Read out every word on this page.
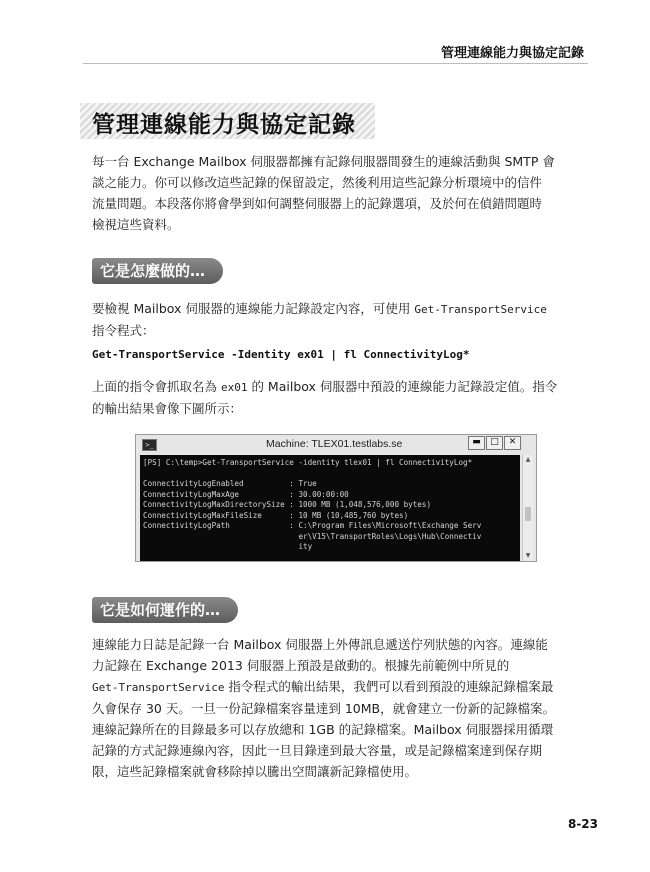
管理連線能力與協定記錄
管理連線能力與協定記錄
每一台 Exchange Mailbox 伺服器都擁有記錄伺服器間發生的連線活動與 SMTP 會
談之能力。你可以修改這些記錄的保留設定，然後利用這些記錄分析環境中的信件
流量問題。本段落你將會學到如何調整伺服器上的記錄選項，及於何在偵錯問題時
檢視這些資料。
它是怎麼做的…
要檢視 Mailbox 伺服器的連線能力記錄設定內容，可使用 Get-TransportService
指令程式：
Get-TransportService -Identity ex01 | fl ConnectivityLog*
上面的指令會抓取名為 ex01 的 Mailbox 伺服器中預設的連線能力記錄設定值。指令
的輸出結果會像下圖所示：
>_	Machine: TLEX01.testlabs.se	▬	□	✕
[PS] C:\temp>Get-TransportService -identity tlex01 | fl ConnectivityLog*

ConnectivityLogEnabled          : True
ConnectivityLogMaxAge           : 30.00:00:00
ConnectivityLogMaxDirectorySize : 1000 MB (1,048,576,000 bytes)
ConnectivityLogMaxFileSize      : 10 MB (10,485,760 bytes)
ConnectivityLogPath             : C:\Program Files\Microsoft\Exchange Serv
er\V15\TransportRoles\Logs\Hub\Connectiv
ity
▲
▼
它是如何運作的…
連線能力日誌是記錄一台 Mailbox 伺服器上外傳訊息遞送佇列狀態的內容。連線能
力記錄在 Exchange 2013 伺服器上預設是啟動的。根據先前範例中所見的
Get-TransportService 指令程式的輸出結果，我們可以看到預設的連線記錄檔案最
久會保存 30 天。一旦一份記錄檔案容量達到 10MB，就會建立一份新的記錄檔案。
連線記錄所在的目錄最多可以存放總和 1GB 的記錄檔案。Mailbox 伺服器採用循環
記錄的方式記錄連線內容，因此一旦目錄達到最大容量，或是記錄檔案達到保存期
限，這些記錄檔案就會移除掉以騰出空間讓新記錄檔使用。
8-23
